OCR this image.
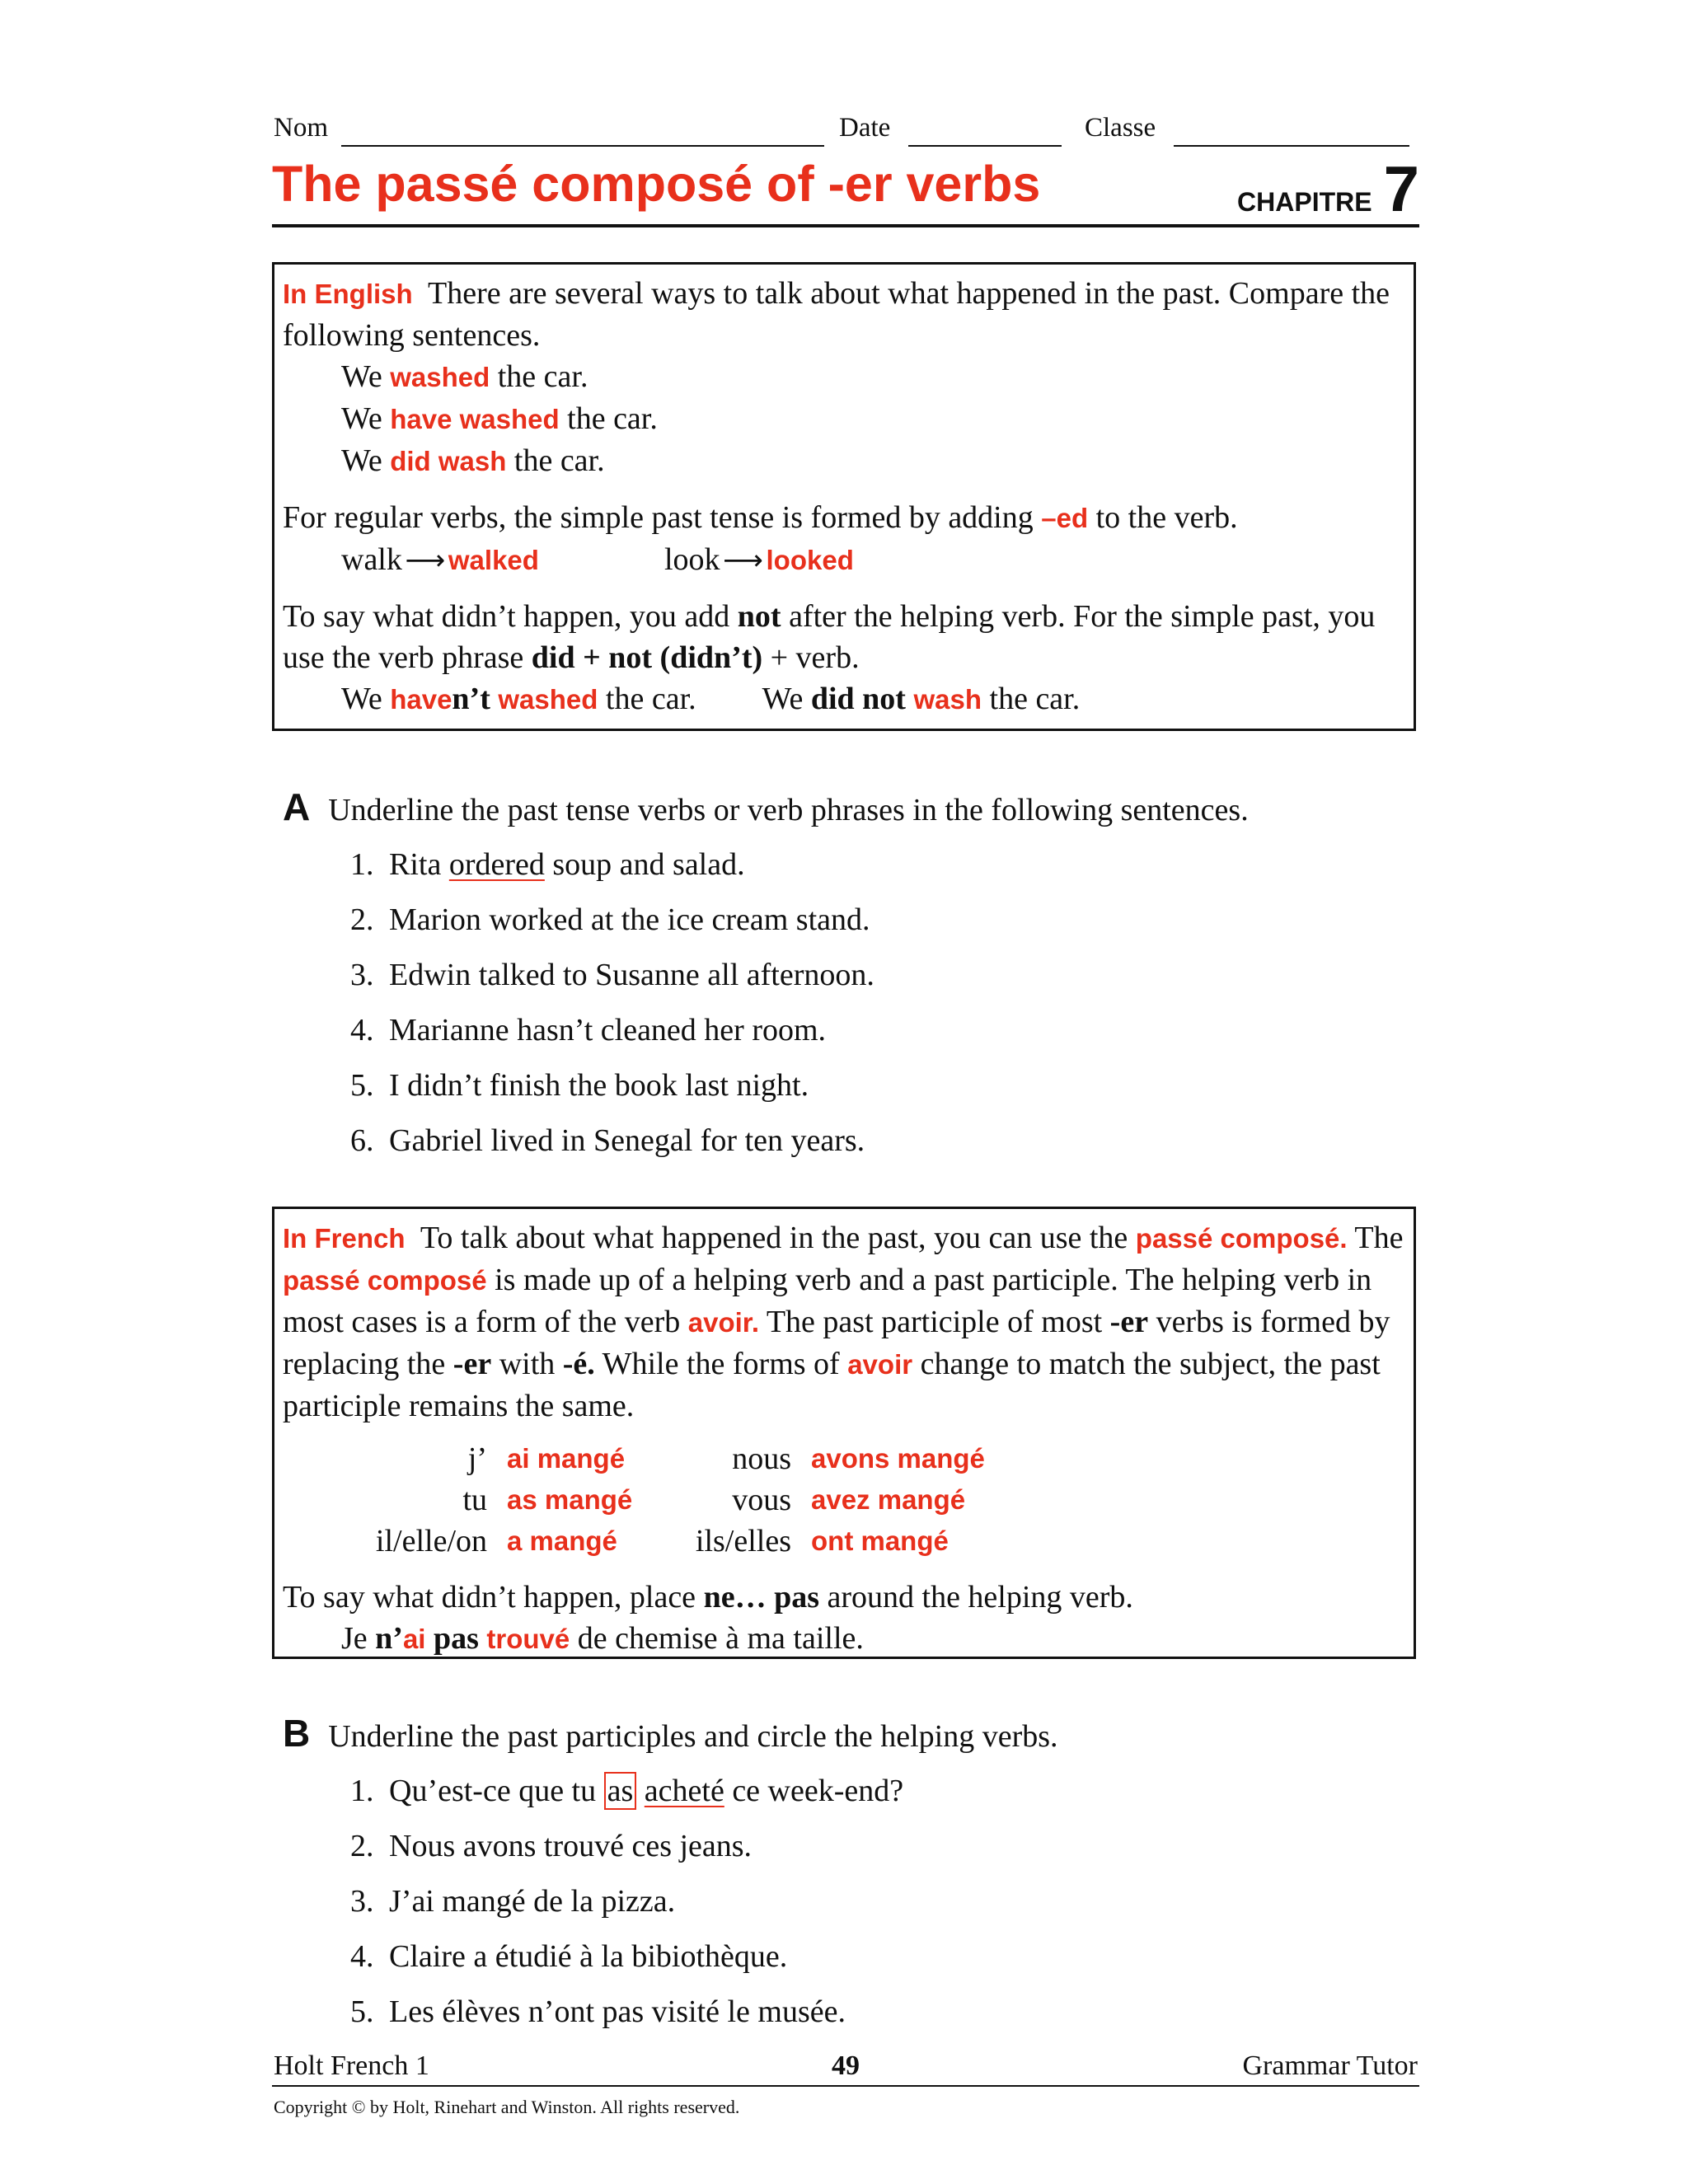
Nom	Date	Classe
The passé composé of -er verbs	CHAPITRE 7

In English There are several ways to talk about what happened in the past. Compare the following sentences.

We washed the car.

We have washed the car.

We did wash the car.

For regular verbs, the simple past tense is formed by adding –ed to the verb.

walk ⟶ walked	look ⟶ looked

To say what didn’t happen, you add not after the helping verb. For the simple past, you use the verb phrase did + not (didn’t) + verb.

We haven’t washed the car. We did not wash the car.

A Underline the past tense verbs or verb phrases in the following sentences.
1. Rita ordered soup and salad.
2. Marion worked at the ice cream stand.
3. Edwin talked to Susanne all afternoon.
4. Marianne hasn’t cleaned her room.
5. I didn’t finish the book last night.
6. Gabriel lived in Senegal for ten years.

In French To talk about what happened in the past, you can use the passé composé. The passé composé is made up of a helping verb and a past participle. The helping verb in most cases is a form of the verb avoir. The past participle of most -er verbs is formed by replacing the -er with -é. While the forms of avoir change to match the subject, the past participle remains the same.

j’ ai mangé	nous avons mangé
tu as mangé	vous avez mangé
il/elle/on a mangé	ils/elles ont mangé

To say what didn’t happen, place ne… pas around the helping verb.

Je n’ai pas trouvé de chemise à ma taille.

B Underline the past participles and circle the helping verbs.
1. Qu’est-ce que tu as acheté ce week-end?
2. Nous avons trouvé ces jeans.
3. J’ai mangé de la pizza.
4. Claire a étudié à la bibiothèque.
5. Les élèves n’ont pas visité le musée.
Holt French 1	49	Grammar Tutor
Copyright © by Holt, Rinehart and Winston. All rights reserved.
